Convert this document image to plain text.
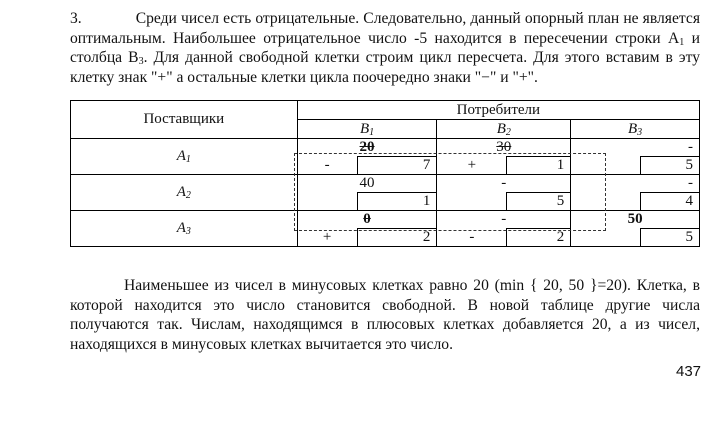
3.	Среди чисел есть отрицательные. Следовательно, данный опорный план не является оптимальным. Наибольшее отрицательное число -5 находится в пересечении строки $А_1$ и столбца $В_3$. Для данной свободной клетки строим цикл пересчета. Для этого вставим в эту клетку знак "+" а остальные клетки цикла поочередно знаки "−" и "+".

Поставщики	Потребители					
	$B_1$		$B_2$		$B_3$
$A_1$	20		30		-	
	-	7	+	1		5
$A_2$	40		-		-	
		1		5		4
$A_3$	0		-		50	
	+	2	-	2		5

Наименьшее из чисел в минусовых клетках равно 20 (min { 20, 50 }=20). Клетка, в которой находится это число становится свободной. В новой таблице другие числа получаются так. Числам, находящимся в плюсовых клетках добавляется 20, а из чисел, находящихся в минусовых клетках вычитается это число.

437
